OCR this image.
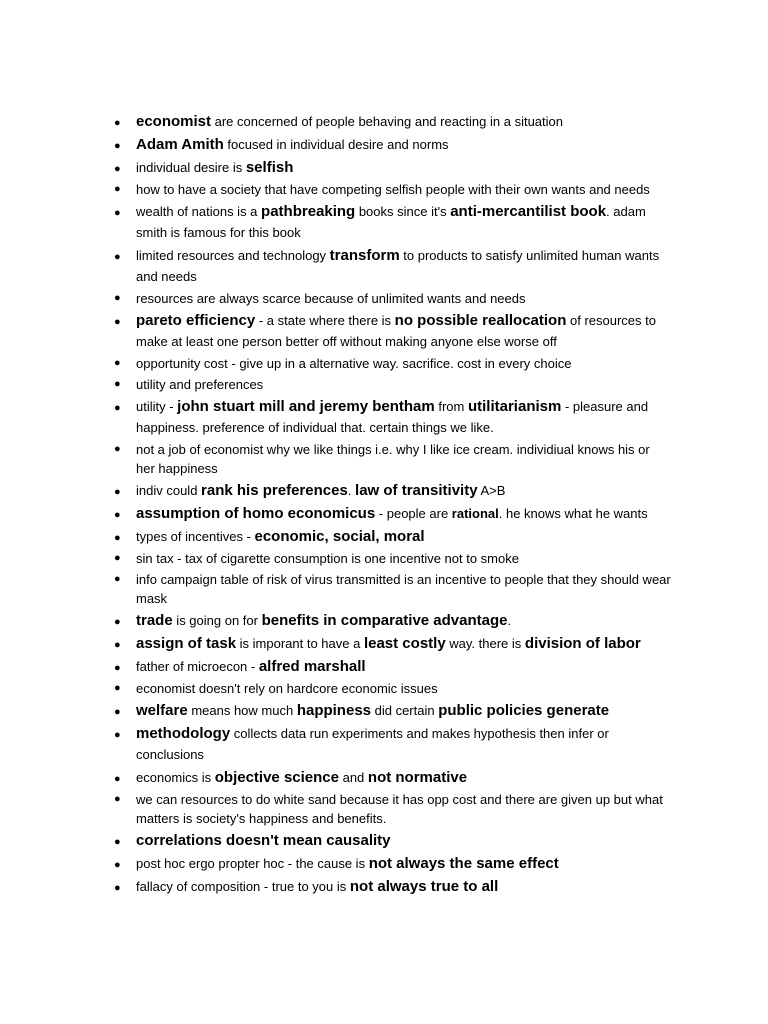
● economist are concerned of people behaving and reacting in a situation
● Adam Amith focused in individual desire and norms
● individual desire is selfish
● how to have a society that have competing selfish people with their own wants and needs
● wealth of nations is a pathbreaking books since it's anti-mercantilist book. adam smith is famous for this book
● limited resources and technology transform to products to satisfy unlimited human wants and needs
● resources are always scarce because of unlimited wants and needs
● pareto efficiency - a state where there is no possible reallocation of resources to make at least one person better off without making anyone else worse off
● opportunity cost - give up in a alternative way. sacrifice. cost in every choice
● utility and preferences
● utility - john stuart mill and jeremy bentham from utilitarianism - pleasure and happiness. preference of individual that. certain things we like.
● not a job of economist why we like things i.e. why I like ice cream. individiual knows his or her happiness
● indiv could rank his preferences. law of transitivity A>B
● assumption of homo economicus - people are rational. he knows what he wants
● types of incentives - economic, social, moral
● sin tax - tax of cigarette consumption is one incentive not to smoke
● info campaign table of risk of virus transmitted is an incentive to people that they should wear mask
● trade is going on for benefits in comparative advantage.
● assign of task is imporant to have a least costly way. there is division of labor
● father of microecon - alfred marshall
● economist doesn't rely on hardcore economic issues
● welfare means how much happiness did certain public policies generate
● methodology collects data run experiments and makes hypothesis then infer or conclusions
● economics is objective science and not normative
● we can resources to do white sand because it has opp cost and there are given up but what matters is society's happiness and benefits.
● correlations doesn't mean causality
● post hoc ergo propter hoc - the cause is not always the same effect
● fallacy of composition - true to you is not always true to all
